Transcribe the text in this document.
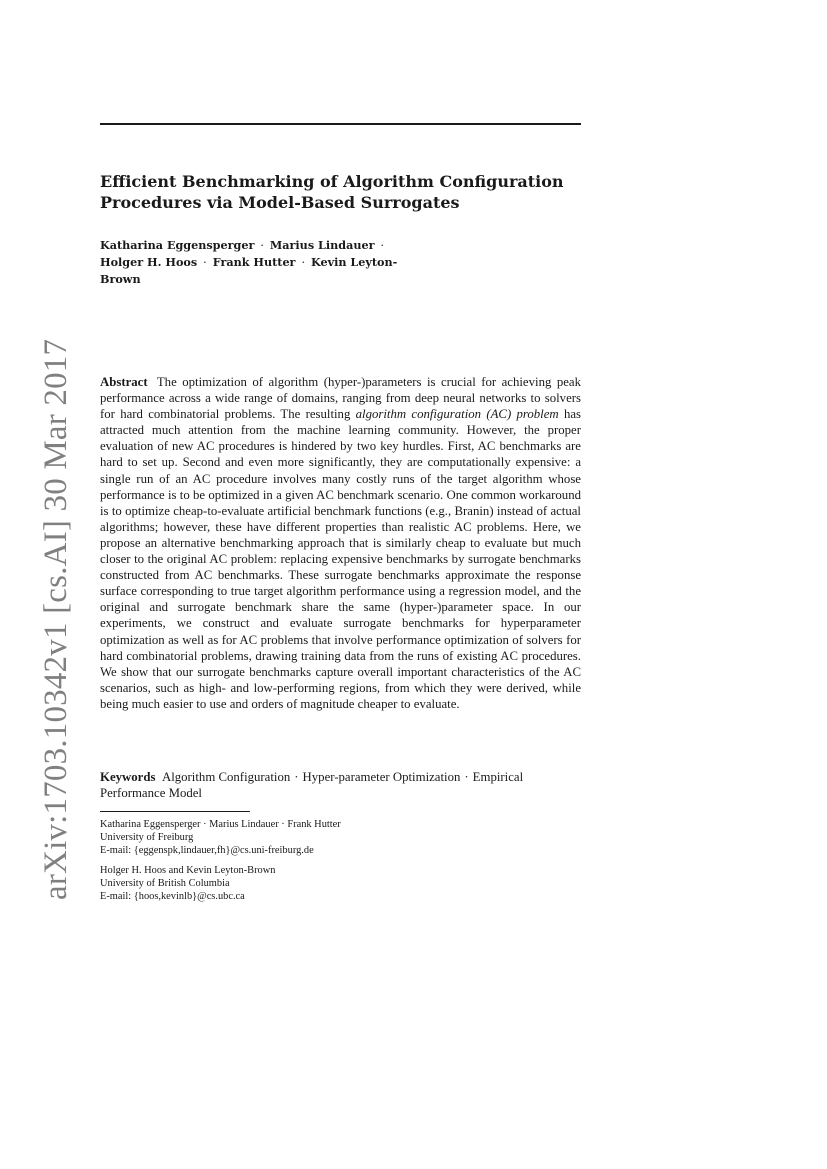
arXiv:1703.10342v1 [cs.AI] 30 Mar 2017
Efficient Benchmarking of Algorithm Configuration
Procedures via Model-Based Surrogates
Katharina Eggensperger · Marius Lindauer ·
Holger H. Hoos · Frank Hutter · Kevin Leyton-Brown

Abstract The optimization of algorithm (hyper-)parameters is crucial for achieving peak performance across a wide range of domains, ranging from deep neural networks to solvers for hard combinatorial problems. The resulting algorithm configuration (AC) problem has attracted much attention from the machine learning community. However, the proper evaluation of new AC procedures is hindered by two key hurdles. First, AC benchmarks are hard to set up. Second and even more significantly, they are computationally expensive: a single run of an AC procedure involves many costly runs of the target algorithm whose performance is to be optimized in a given AC benchmark scenario. One common workaround is to optimize cheap-to-evaluate artificial benchmark functions (e.g., Branin) instead of actual algorithms; however, these have different properties than realistic AC problems. Here, we propose an alternative benchmarking approach that is similarly cheap to evaluate but much closer to the original AC problem: replacing expensive benchmarks by surrogate benchmarks constructed from AC benchmarks. These surrogate benchmarks approximate the response surface corresponding to true target algorithm performance using a regression model, and the original and surrogate benchmark share the same (hyper-)parameter space. In our experiments, we construct and evaluate surrogate benchmarks for hyperparameter optimization as well as for AC problems that involve performance optimization of solvers for hard combinatorial problems, drawing training data from the runs of existing AC procedures. We show that our surrogate benchmarks capture overall important characteristics of the AC scenarios, such as high- and low-performing regions, from which they were derived, while being much easier to use and orders of magnitude cheaper to evaluate.

Keywords Algorithm Configuration · Hyper-parameter Optimization · Empirical Performance Model

Katharina Eggensperger · Marius Lindauer · Frank Hutter
University of Freiburg
E-mail: {eggenspk,lindauer,fh}@cs.uni-freiburg.de
Holger H. Hoos and Kevin Leyton-Brown
University of British Columbia
E-mail: {hoos,kevinlb}@cs.ubc.ca
